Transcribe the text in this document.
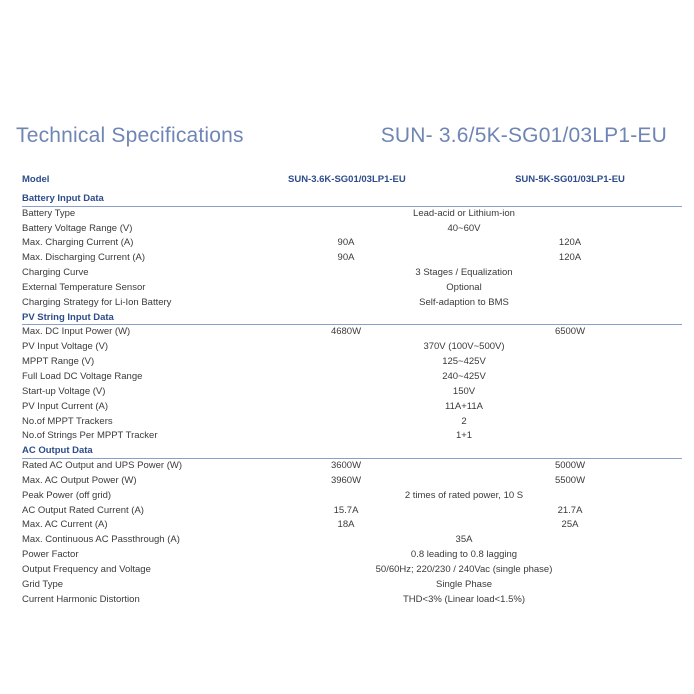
Technical Specifications	SUN- 3.6/5K-SG01/03LP1-EU
Model	SUN-3.6K-SG01/03LP1-EU	SUN-5K-SG01/03LP1-EU
Battery Input Data
Battery Type	Lead-acid or Lithium-ion
Battery Voltage Range (V)	40~60V
Max. Charging Current (A)	90A	120A
Max. Discharging Current (A)	90A	120A
Charging Curve	3 Stages / Equalization
External Temperature Sensor	Optional
Charging Strategy for Li-Ion Battery	Self-adaption to BMS
PV String Input Data
Max. DC Input Power (W)	4680W	6500W
PV Input Voltage (V)	370V (100V~500V)
MPPT Range (V)	125~425V
Full Load DC Voltage Range	240~425V
Start-up Voltage (V)	150V
PV Input Current (A)	11A+11A
No.of MPPT Trackers	2
No.of Strings Per MPPT Tracker	1+1
AC Output Data
Rated AC Output and UPS Power (W)	3600W	5000W
Max. AC Output Power (W)	3960W	5500W
Peak Power (off grid)	2 times of rated power, 10 S
AC Output Rated Current (A)	15.7A	21.7A
Max. AC Current (A)	18A	25A
Max. Continuous AC Passthrough (A)	35A
Power Factor	0.8 leading to 0.8 lagging
Output Frequency and Voltage	50/60Hz; 220/230 / 240Vac (single phase)
Grid Type	Single Phase
Current Harmonic Distortion	THD<3% (Linear load<1.5%)
